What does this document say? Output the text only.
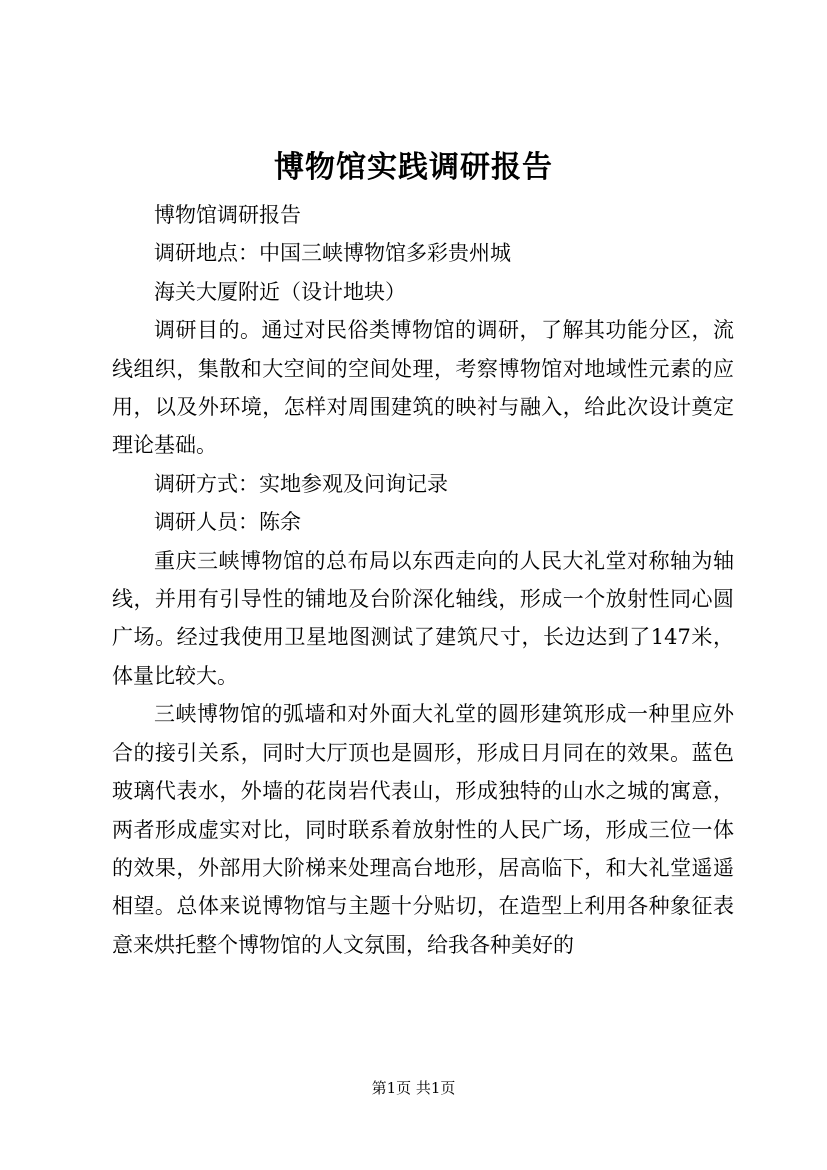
博物馆实践调研报告

博物馆调研报告

调研地点：中国三峡博物馆多彩贵州城

海关大厦附近（设计地块）

调研目的。通过对民俗类博物馆的调研，了解其功能分区，流线组织，集散和大空间的空间处理，考察博物馆对地域性元素的应用，以及外环境，怎样对周围建筑的映衬与融入，给此次设计奠定理论基础。

调研方式：实地参观及问询记录

调研人员：陈余

重庆三峡博物馆的总布局以东西走向的人民大礼堂对称轴为轴线，并用有引导性的铺地及台阶深化轴线，形成一个放射性同心圆广场。经过我使用卫星地图测试了建筑尺寸，长边达到了147米，体量比较大。

三峡博物馆的弧墙和对外面大礼堂的圆形建筑形成一种里应外合的接引关系，同时大厅顶也是圆形，形成日月同在的效果。蓝色玻璃代表水，外墙的花岗岩代表山，形成独特的山水之城的寓意，两者形成虚实对比，同时联系着放射性的人民广场，形成三位一体的效果，外部用大阶梯来处理高台地形，居高临下，和大礼堂遥遥相望。总体来说博物馆与主题十分贴切，在造型上利用各种象征表意来烘托整个博物馆的人文氛围，给我各种美好的

第1页 共1页
